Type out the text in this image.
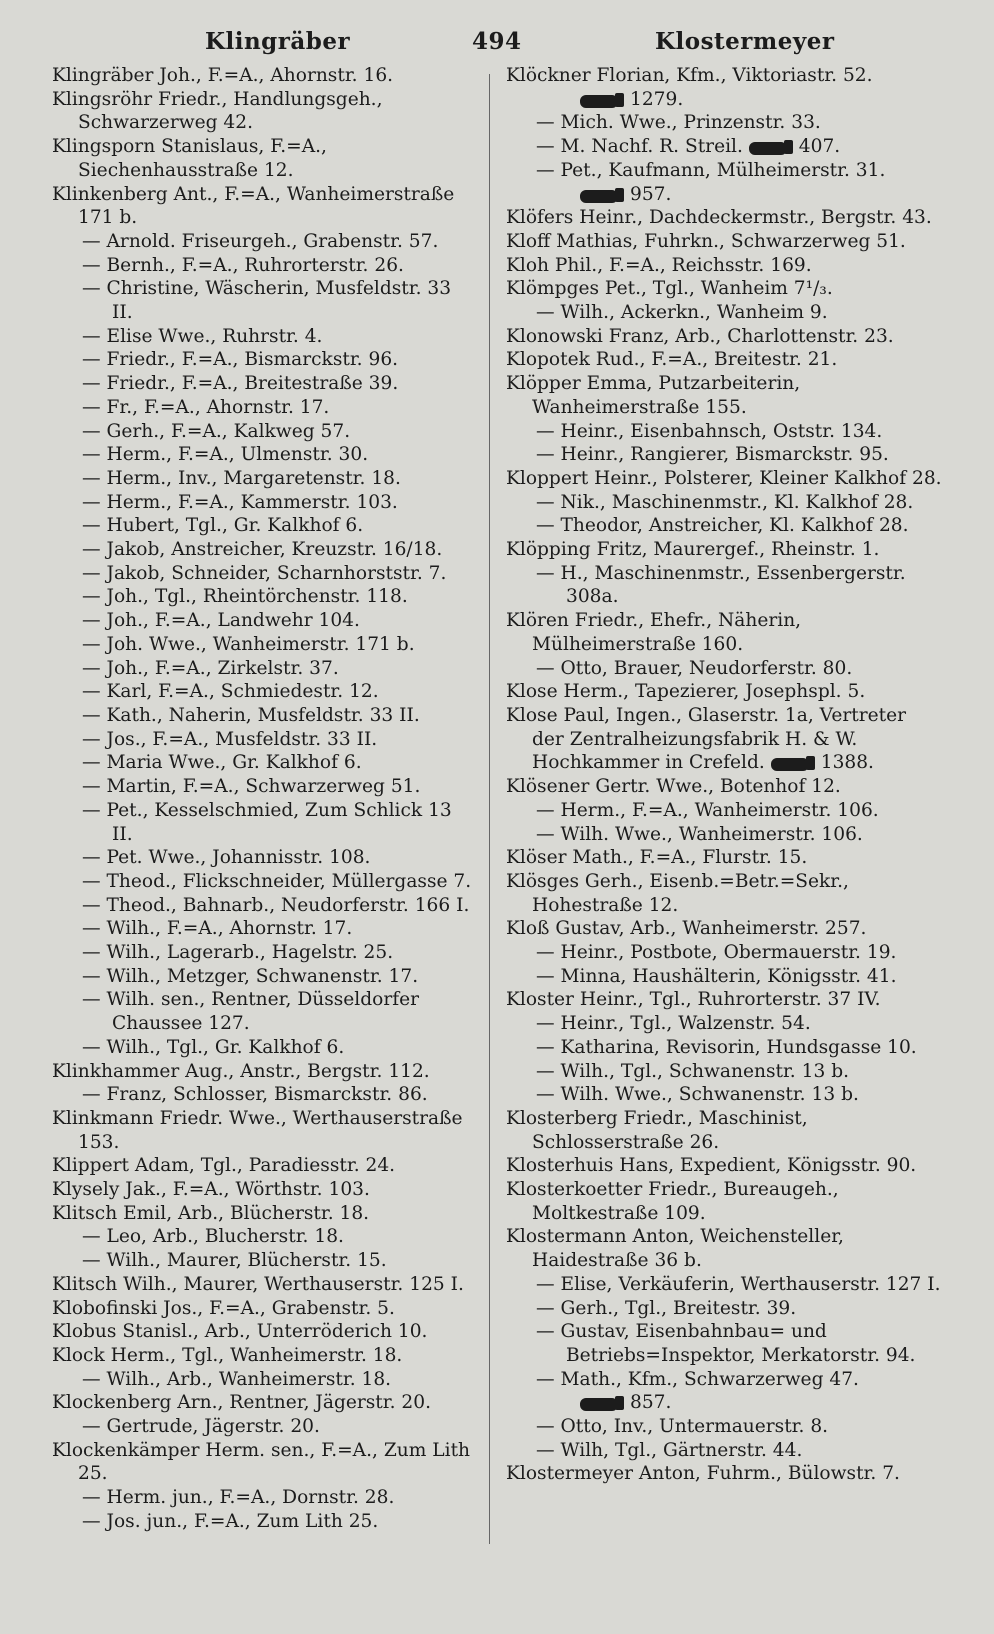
Klingräber	494	Klostermeyer
Klingräber Joh., F.=A., Ahornstr. 16.
Klingsröhr Friedr., Handlungsgeh., Schwarzerweg 42.
Klingsporn Stanislaus, F.=A., Siechenhausstraße 12.
Klinkenberg Ant., F.=A., Wanheimerstraße 171 b.
— Arnold. Friseurgeh., Grabenstr. 57.
— Bernh., F.=A., Ruhrorterstr. 26.
— Christine, Wäscherin, Musfeldstr. 33 II.
— Elise Wwe., Ruhrstr. 4.
— Friedr., F.=A., Bismarckstr. 96.
— Friedr., F.=A., Breitestraße 39.
— Fr., F.=A., Ahornstr. 17.
— Gerh., F.=A., Kalkweg 57.
— Herm., F.=A., Ulmenstr. 30.
— Herm., Inv., Margaretenstr. 18.
— Herm., F.=A., Kammerstr. 103.
— Hubert, Tgl., Gr. Kalkhof 6.
— Jakob, Anstreicher, Kreuzstr. 16/18.
— Jakob, Schneider, Scharnhorststr. 7.
— Joh., Tgl., Rheintörchenstr. 118.
— Joh., F.=A., Landwehr 104.
— Joh. Wwe., Wanheimerstr. 171 b.
— Joh., F.=A., Zirkelstr. 37.
— Karl, F.=A., Schmiedestr. 12.
— Kath., Naherin, Musfeldstr. 33 II.
— Jos., F.=A., Musfeldstr. 33 II.
— Maria Wwe., Gr. Kalkhof 6.
— Martin, F.=A., Schwarzerweg 51.
— Pet., Kesselschmied, Zum Schlick 13 II.
— Pet. Wwe., Johannisstr. 108.
— Theod., Flickschneider, Müllergasse 7.
— Theod., Bahnarb., Neudorferstr. 166 I.
— Wilh., F.=A., Ahornstr. 17.
— Wilh., Lagerarb., Hagelstr. 25.
— Wilh., Metzger, Schwanenstr. 17.
— Wilh. sen., Rentner, Düsseldorfer Chaussee 127.
— Wilh., Tgl., Gr. Kalkhof 6.
Klinkhammer Aug., Anstr., Bergstr. 112.
— Franz, Schlosser, Bismarckstr. 86.
Klinkmann Friedr. Wwe., Werthauserstraße 153.
Klippert Adam, Tgl., Paradiesstr. 24.
Klysely Jak., F.=A., Wörthstr. 103.
Klitsch Emil, Arb., Blücherstr. 18.
— Leo, Arb., Blucherstr. 18.
— Wilh., Maurer, Blücherstr. 15.
Klitsch Wilh., Maurer, Werthauserstr. 125 I.
Klobofinski Jos., F.=A., Grabenstr. 5.
Klobus Stanisl., Arb., Unterröderich 10.
Klock Herm., Tgl., Wanheimerstr. 18.
— Wilh., Arb., Wanheimerstr. 18.
Klockenberg Arn., Rentner, Jägerstr. 20.
— Gertrude, Jägerstr. 20.
Klockenkämper Herm. sen., F.=A., Zum Lith 25.
— Herm. jun., F.=A., Dornstr. 28.
— Jos. jun., F.=A., Zum Lith 25.
Klöckner Florian, Kfm., Viktoriastr. 52.
1279.
— Mich. Wwe., Prinzenstr. 33.
— M. Nachf. R. Streil.	407.
— Pet., Kaufmann, Mülheimerstr. 31.
957.
Klöfers Heinr., Dachdeckermstr., Bergstr. 43.
Kloff Mathias, Fuhrkn., Schwarzerweg 51.
Kloh Phil., F.=A., Reichsstr. 169.
Klömpges Pet., Tgl., Wanheim 7¹/₃.
— Wilh., Ackerkn., Wanheim 9.
Klonowski Franz, Arb., Charlottenstr. 23.
Klopotek Rud., F.=A., Breitestr. 21.
Klöpper Emma, Putzarbeiterin, Wanheimerstraße 155.
— Heinr., Eisenbahnsch, Oststr. 134.
— Heinr., Rangierer, Bismarckstr. 95.
Kloppert Heinr., Polsterer, Kleiner Kalkhof 28.
— Nik., Maschinenmstr., Kl. Kalkhof 28.
— Theodor, Anstreicher, Kl. Kalkhof 28.
Klöpping Fritz, Maurergef., Rheinstr. 1.
— H., Maschinenmstr., Essenbergerstr. 308a.
Klören Friedr., Ehefr., Näherin, Mülheimerstraße 160.
— Otto, Brauer, Neudorferstr. 80.
Klose Herm., Tapezierer, Josephspl. 5.
Klose Paul, Ingen., Glaserstr. 1a, Vertreter der Zentralheizungsfabrik H. & W. Hochkammer in Crefeld.	1388.
Klösener Gertr. Wwe., Botenhof 12.
— Herm., F.=A., Wanheimerstr. 106.
— Wilh. Wwe., Wanheimerstr. 106.
Klöser Math., F.=A., Flurstr. 15.
Klösges Gerh., Eisenb.=Betr.=Sekr., Hohestraße 12.
Kloß Gustav, Arb., Wanheimerstr. 257.
— Heinr., Postbote, Obermauerstr. 19.
— Minna, Haushälterin, Königsstr. 41.
Kloster Heinr., Tgl., Ruhrorterstr. 37 IV.
— Heinr., Tgl., Walzenstr. 54.
— Katharina, Revisorin, Hundsgasse 10.
— Wilh., Tgl., Schwanenstr. 13 b.
— Wilh. Wwe., Schwanenstr. 13 b.
Klosterberg Friedr., Maschinist, Schlosserstraße 26.
Klosterhuis Hans, Expedient, Königsstr. 90.
Klosterkoetter Friedr., Bureaugeh., Moltkestraße 109.
Klostermann Anton, Weichensteller, Haidestraße 36 b.
— Elise, Verkäuferin, Werthauserstr. 127 I.
— Gerh., Tgl., Breitestr. 39.
— Gustav, Eisenbahnbau= und Betriebs=Inspektor, Merkatorstr. 94.
— Math., Kfm., Schwarzerweg 47.
857.
— Otto, Inv., Untermauerstr. 8.
— Wilh, Tgl., Gärtnerstr. 44.
Klostermeyer Anton, Fuhrm., Bülowstr. 7.
